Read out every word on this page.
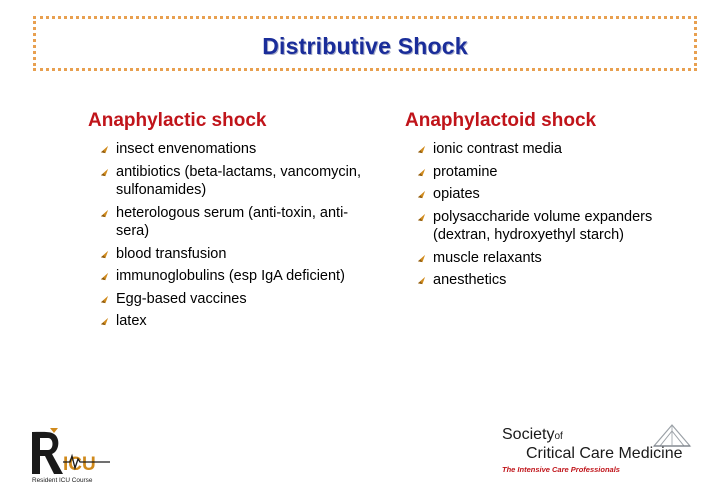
Distributive Shock
Anaphylactic shock
insect envenomations
antibiotics (beta-lactams, vancomycin, sulfonamides)
heterologous serum (anti-toxin, anti-sera)
blood transfusion
immunoglobulins (esp IgA deficient)
Egg-based vaccines
latex
Anaphylactoid shock
ionic contrast media
protamine
opiates
polysaccharide volume expanders (dextran, hydroxyethyl starch)
muscle relaxants
anesthetics
ICU
Resident ICU Course
Societyof
Critical Care Medicine
The Intensive Care Professionals
